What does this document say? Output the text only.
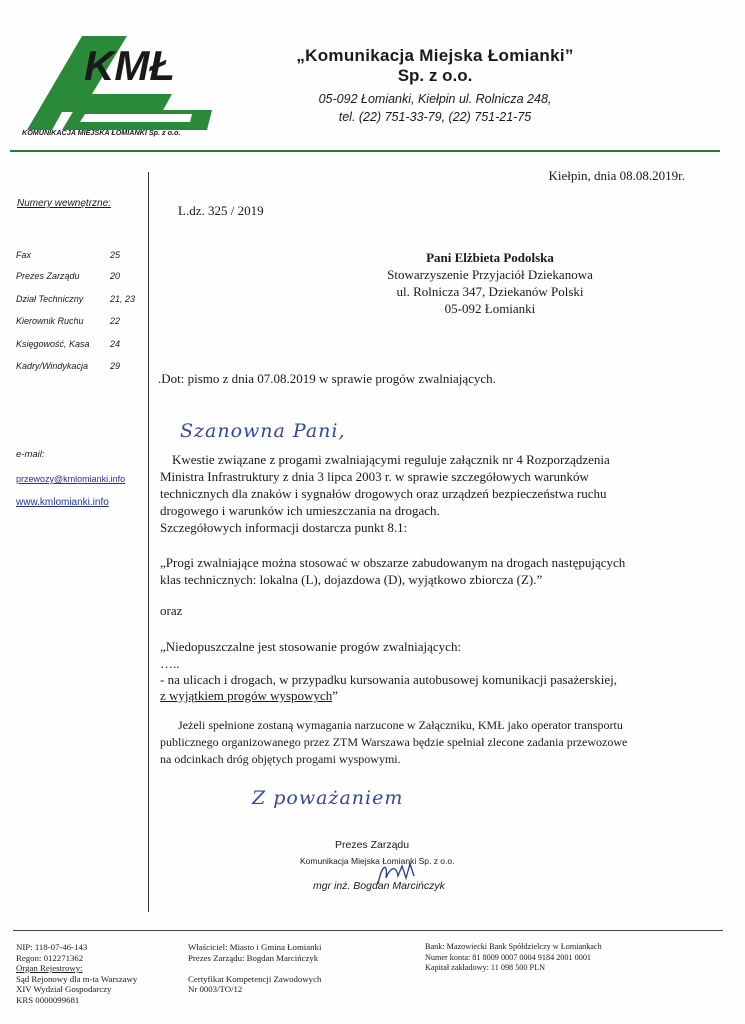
KMŁ
KOMUNIKACJA MIEJSKA ŁOMIANKI Sp. z o.o.
„Komunikacja Miejska Łomianki”
Sp. z o.o.
05-092 Łomianki, Kiełpin ul. Rolnicza 248,
tel. (22) 751-33-79, (22) 751-21-75
Numery wewnętrzne:
Fax	25
Prezes Zarządu	20
Dział Techniczny	21, 23
Kierownik Ruchu	22
Księgowość, Kasa 24
Kadry/Windykacja 29
e-mail:
przewozy@kmlomianki.info
www.kmlomianki.info
Kiełpin, dnia 08.08.2019r.
L.dz. 325 / 2019
Pani Elżbieta Podolska
Stowarzyszenie Przyjaciół Dziekanowa
ul. Rolnicza 347, Dziekanów Polski
05-092 Łomianki
.Dot: pismo z dnia 07.08.2019 w sprawie progów zwalniających.
Szanowna Pani,
Kwestie związane z progami zwalniającymi reguluje załącznik nr 4 Rozporządzenia
Ministra Infrastruktury z dnia 3 lipca 2003 r. w sprawie szczegółowych warunków
technicznych dla znaków i sygnałów drogowych oraz urządzeń bezpieczeństwa ruchu
drogowego i warunków ich umieszczania na drogach.
Szczegółowych informacji dostarcza punkt 8.1:
„Progi zwalniające można stosować w obszarze zabudowanym na drogach następujących
klas technicznych: lokalna (L), dojazdowa (D), wyjątkowo zbiorcza (Z).”
oraz
„Niedopuszczalne jest stosowanie progów zwalniających:
…..
- na ulicach i drogach, w przypadku kursowania autobusowej komunikacji pasażerskiej,
z wyjątkiem progów wyspowych”
Jeżeli spełnione zostaną wymagania narzucone w Załączniku, KMŁ jako operator transportu
publicznego organizowanego przez ZTM Warszawa będzie spełniał zlecone zadania przewozowe
na odcinkach dróg objętych progami wyspowymi.
Z poważaniem
Prezes Zarządu
Komunikacja Miejska Łomianki Sp. z o.o.
mgr inż. Bogdan Marcińczyk
NIP: 118-07-46-143
Regon: 012271362
Organ Rejestrowy:
Sąd Rejonowy dla m-ta Warszawy
XIV Wydział Gospodarczy
KRS 0000099681
Właściciel: Miasto i Gmina Łomianki
Prezes Zarządu: Bogdan Marcińczyk
Certyfikat Kompetencji Zawodowych
Nr 0003/TO/12
Bank: Mazowiecki Bank Spółdzielczy w Łomiankach
Numer konta: 81 8009 0007 0004 9184 2001 0001
Kapitał zakładowy: 11 098 500 PLN
